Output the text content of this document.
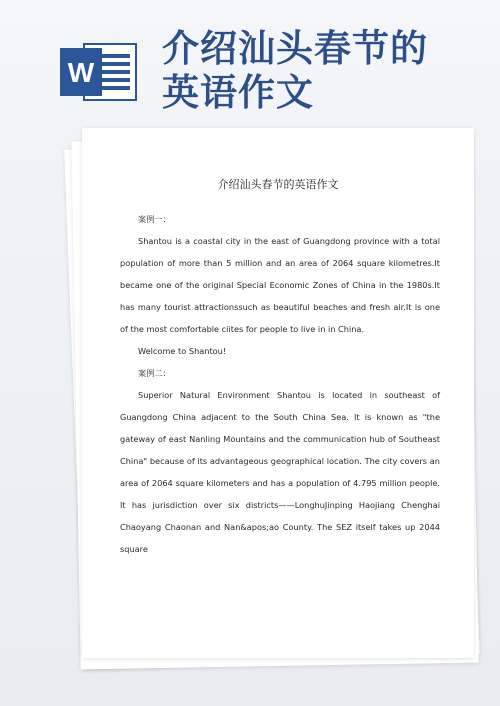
W
介绍汕头春节的英语作文
介绍汕头春节的英语作文

案例一：

Shantou is a coastal city in the east of Guangdong province with a total population of more than 5 million and an area of 2064 square kilometres.It became one of the original Special Economic Zones of China in the 1980s.It has many tourist attractionssuch as beautiful beaches and fresh air.It is one of the most comfortable ciites for people to live in in China.

Welcome to Shantou!

案例二：

Superior Natural Environment Shantou is located in southeast of Guangdong China adjacent to the South China Sea. It is known as "the gateway of east Nanling Mountains and the communication hub of Southeast China" because of its advantageous geographical location. The city covers an area of 2064 square kilometers and has a population of 4.795 million people. It has jurisdiction over six districts——LonghuJinping Haojiang Chenghai Chaoyang Chaonan and Nan&apos;ao County. The SEZ itself takes up 2044 square
